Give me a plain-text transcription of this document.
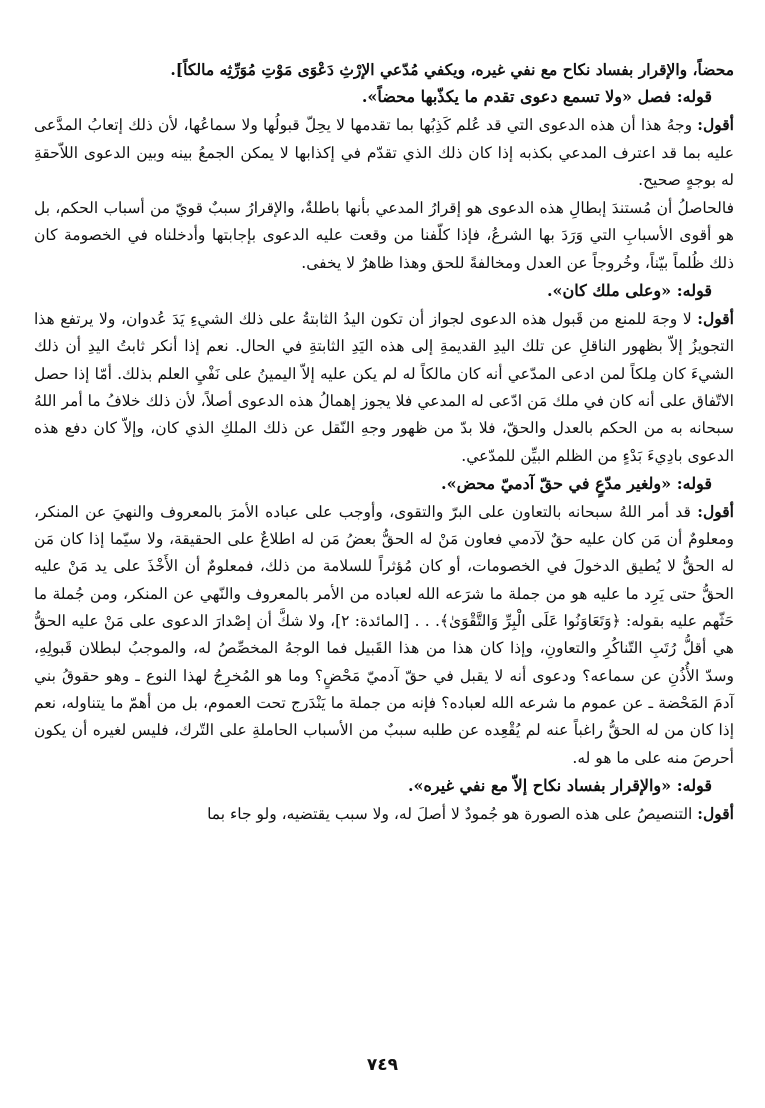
محضاً، والإقرار بفساد نكاح مع نفي غيره، ويكفي مُدّعي الإرْثِ دَعْوَى مَوْتِ مُوَرِّثِه مالكاً].

قوله: فصل «ولا تسمع دعوى تقدم ما يكذّبها محضاً».

أقول: وجهُ هذا أن هذه الدعوى التي قد عُلم كَذِبُها بما تقدمها لا يحِلّ قبولُها ولا سماعُها، لأن ذلك إتعابُ المدَّعى عليه بما قد اعترف المدعي بكذبه إذا كان ذلك الذي تقدّم في إكذابها لا يمكن الجمعُ بينه وبين الدعوى اللاّحقةِ له بوجهٍ صحيح.

فالحاصلُ أن مُستندَ إبطالِ هذه الدعوى هو إقرارُ المدعي بأنها باطلةٌ، والإقرارُ سببٌ قويّ من أسباب الحكم، بل هو أقوى الأسبابِ التي وَرَدَ بها الشرعُ، فإذا كلّفنا من وقعت عليه الدعوى بإجابتها وأدخلناه في الخصومة كان ذلك ظُلماً بيّناً، وخُروجاً عن العدل ومخالفةً للحق وهذا ظاهرٌ لا يخفى.

قوله: «وعلى ملك كان».

أقول: لا وجهَ للمنع من قَبول هذه الدعوى لجواز أن تكون اليدُ الثابتةُ على ذلك الشيءِ يَدَ عُدوان، ولا يرتفع هذا التجويزُ إلاّ بظهور الناقلِ عن تلك اليدِ القديمةِ إلى هذه اليَدِ الثابتةِ في الحال. نعم إذا أنكر ثابتُ اليدِ أن ذلك الشيءَ كان مِلكاً لمن ادعى المدّعي أنه كان مالكاً له لم يكن عليه إلاّ اليمينُ على نَفْيِ العلم بذلك. أمّا إذا حصل الاتّفاق على أنه كان في ملك مَن ادّعى له المدعي فلا يجوز إهمالُ هذه الدعوى أصلاً، لأن ذلك خلافُ ما أمر اللهُ سبحانه به من الحكم بالعدل والحقّ، فلا بدّ من ظهور وجهِ النّقل عن ذلك الملكِ الذي كان، وإلاّ كان دفع هذه الدعوى بادِيءَ بَدْءٍ من الظلم البيِّن للمدّعي.

قوله: «ولغير مدّعٍ في حقّ آدميّ محض».

أقول: قد أمر اللهُ سبحانه بالتعاون على البرّ والتقوى، وأوجب على عباده الأمرَ بالمعروف والنهيَ عن المنكر، ومعلومٌ أن مَن كان عليه حقٌ لآدمي فعاون مَنْ له الحقُّ بعضُ مَن له اطلاعٌ على الحقيقة، ولا سيّما إذا كان مَن له الحقُّ لا يُطيق الدخولَ في الخصومات، أو كان مُؤثراً للسلامة من ذلك، فمعلومٌ أن الأَخْذَ على يد مَنْ عليه الحقُّ حتى يَرِد ما عليه هو من جملة ما شرَعه الله لعباده من الأمر بالمعروف والنّهي عن المنكر، ومن جُملة ما حَثّهم عليه بقوله: ﴿وَتَعَاوَنُوا عَلَى الْبِرِّ وَالتَّقْوَىٰ﴾. . . [المائدة: ٢]، ولا شكَّ أن إصْدارَ الدعوى على مَنْ عليه الحقُّ هي أقلُّ رُتَبِ التّناكُرِ والتعاونِ، وإذا كان هذا من هذا القَبيل فما الوجهُ المخصِّصُ له، والموجبُ لبطلان قَبولِهِ، وسدّ الأُذُنِ عن سماعه؟ ودعوى أنه لا يقبل في حقّ آدميّ مَحْضٍ؟ وما هو المُخرِجُ لهذا النوع ـ وهو حقوقُ بني آدمَ المَحْضة ـ عن عموم ما شرعه الله لعباده؟ فإنه من جملة ما يَنْدَرج تحت العموم، بل من أهمّ ما يتناوله، نعم إذا كان من له الحقُّ راغباً عنه لم يُقْعِده عن طلبه سببٌ من الأسباب الحاملةِ على التّرك، فليس لغيره أن يكون أحرصَ منه على ما هو له.

قوله: «والإقرار بفساد نكاح إلاّ مع نفي غيره».

أقول: التنصيصُ على هذه الصورة هو جُمودٌ لا أصلَ له، ولا سبب يقتضيه، ولو جاء بما

٧٤٩
